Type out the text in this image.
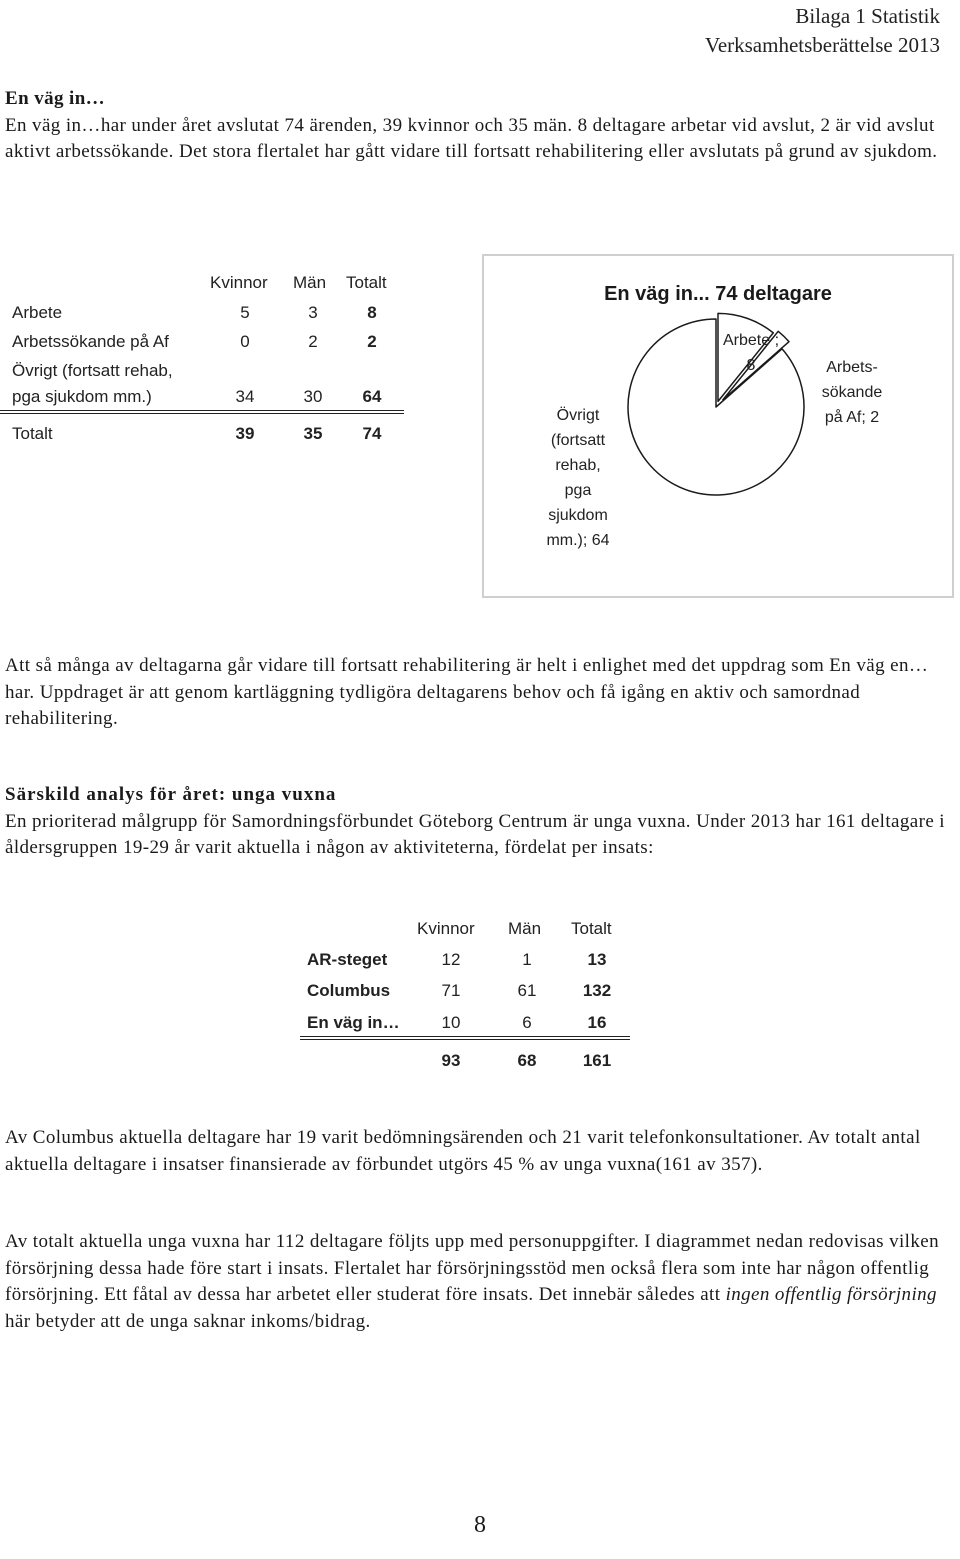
Bilaga 1 Statistik
Verksamhetsberättelse 2013

En väg in…

En väg in…har under året avslutat 74 ärenden, 39 kvinnor och 35 män. 8 deltagare arbetar vid avslut, 2 är vid avslut aktivt arbetssökande. Det stora flertalet har gått vidare till fortsatt rehabilitering eller avslutats på grund av sjukdom.

Kvinnor Män Totalt
Arbete	5	3	8
Arbetssökande på Af	0	2	2
Övrigt (fortsatt rehab,
pga sjukdom mm.)	34	30	64
Totalt	39	35	74
En väg in... 74 deltagare
Arbete ;
8	Arbets-
sökande
på Af; 2
Övrigt
(fortsatt
rehab,
pga
sjukdom
mm.); 64

Att så många av deltagarna går vidare till fortsatt rehabilitering är helt i enlighet med det uppdrag som En väg en…har. Uppdraget är att genom kartläggning tydligöra deltagarens behov och få igång en aktiv och samordnad rehabilitering.

Särskild analys för året: unga vuxna

En prioriterad målgrupp för Samordningsförbundet Göteborg Centrum är unga vuxna. Under 2013 har 161 deltagare i åldersgruppen 19-29 år varit aktuella i någon av aktiviteterna, fördelat per insats:

Kvinnor Män Totalt
AR-steget	12	1	13
Columbus	71	61	132
En väg in…	10	6	16
93	68	161

Av Columbus aktuella deltagare har 19 varit bedömningsärenden och 21 varit telefonkonsultationer. Av totalt antal aktuella deltagare i insatser finansierade av förbundet utgörs 45 % av unga vuxna(161 av 357).

Av totalt aktuella unga vuxna har 112 deltagare följts upp med personuppgifter. I diagrammet nedan redovisas vilken försörjning dessa hade före start i insats. Flertalet har försörjningsstöd men också flera som inte har någon offentlig försörjning. Ett fåtal av dessa har arbetet eller studerat före insats. Det innebär således att ingen offentlig försörjning här betyder att de unga saknar inkoms/bidrag.

8
